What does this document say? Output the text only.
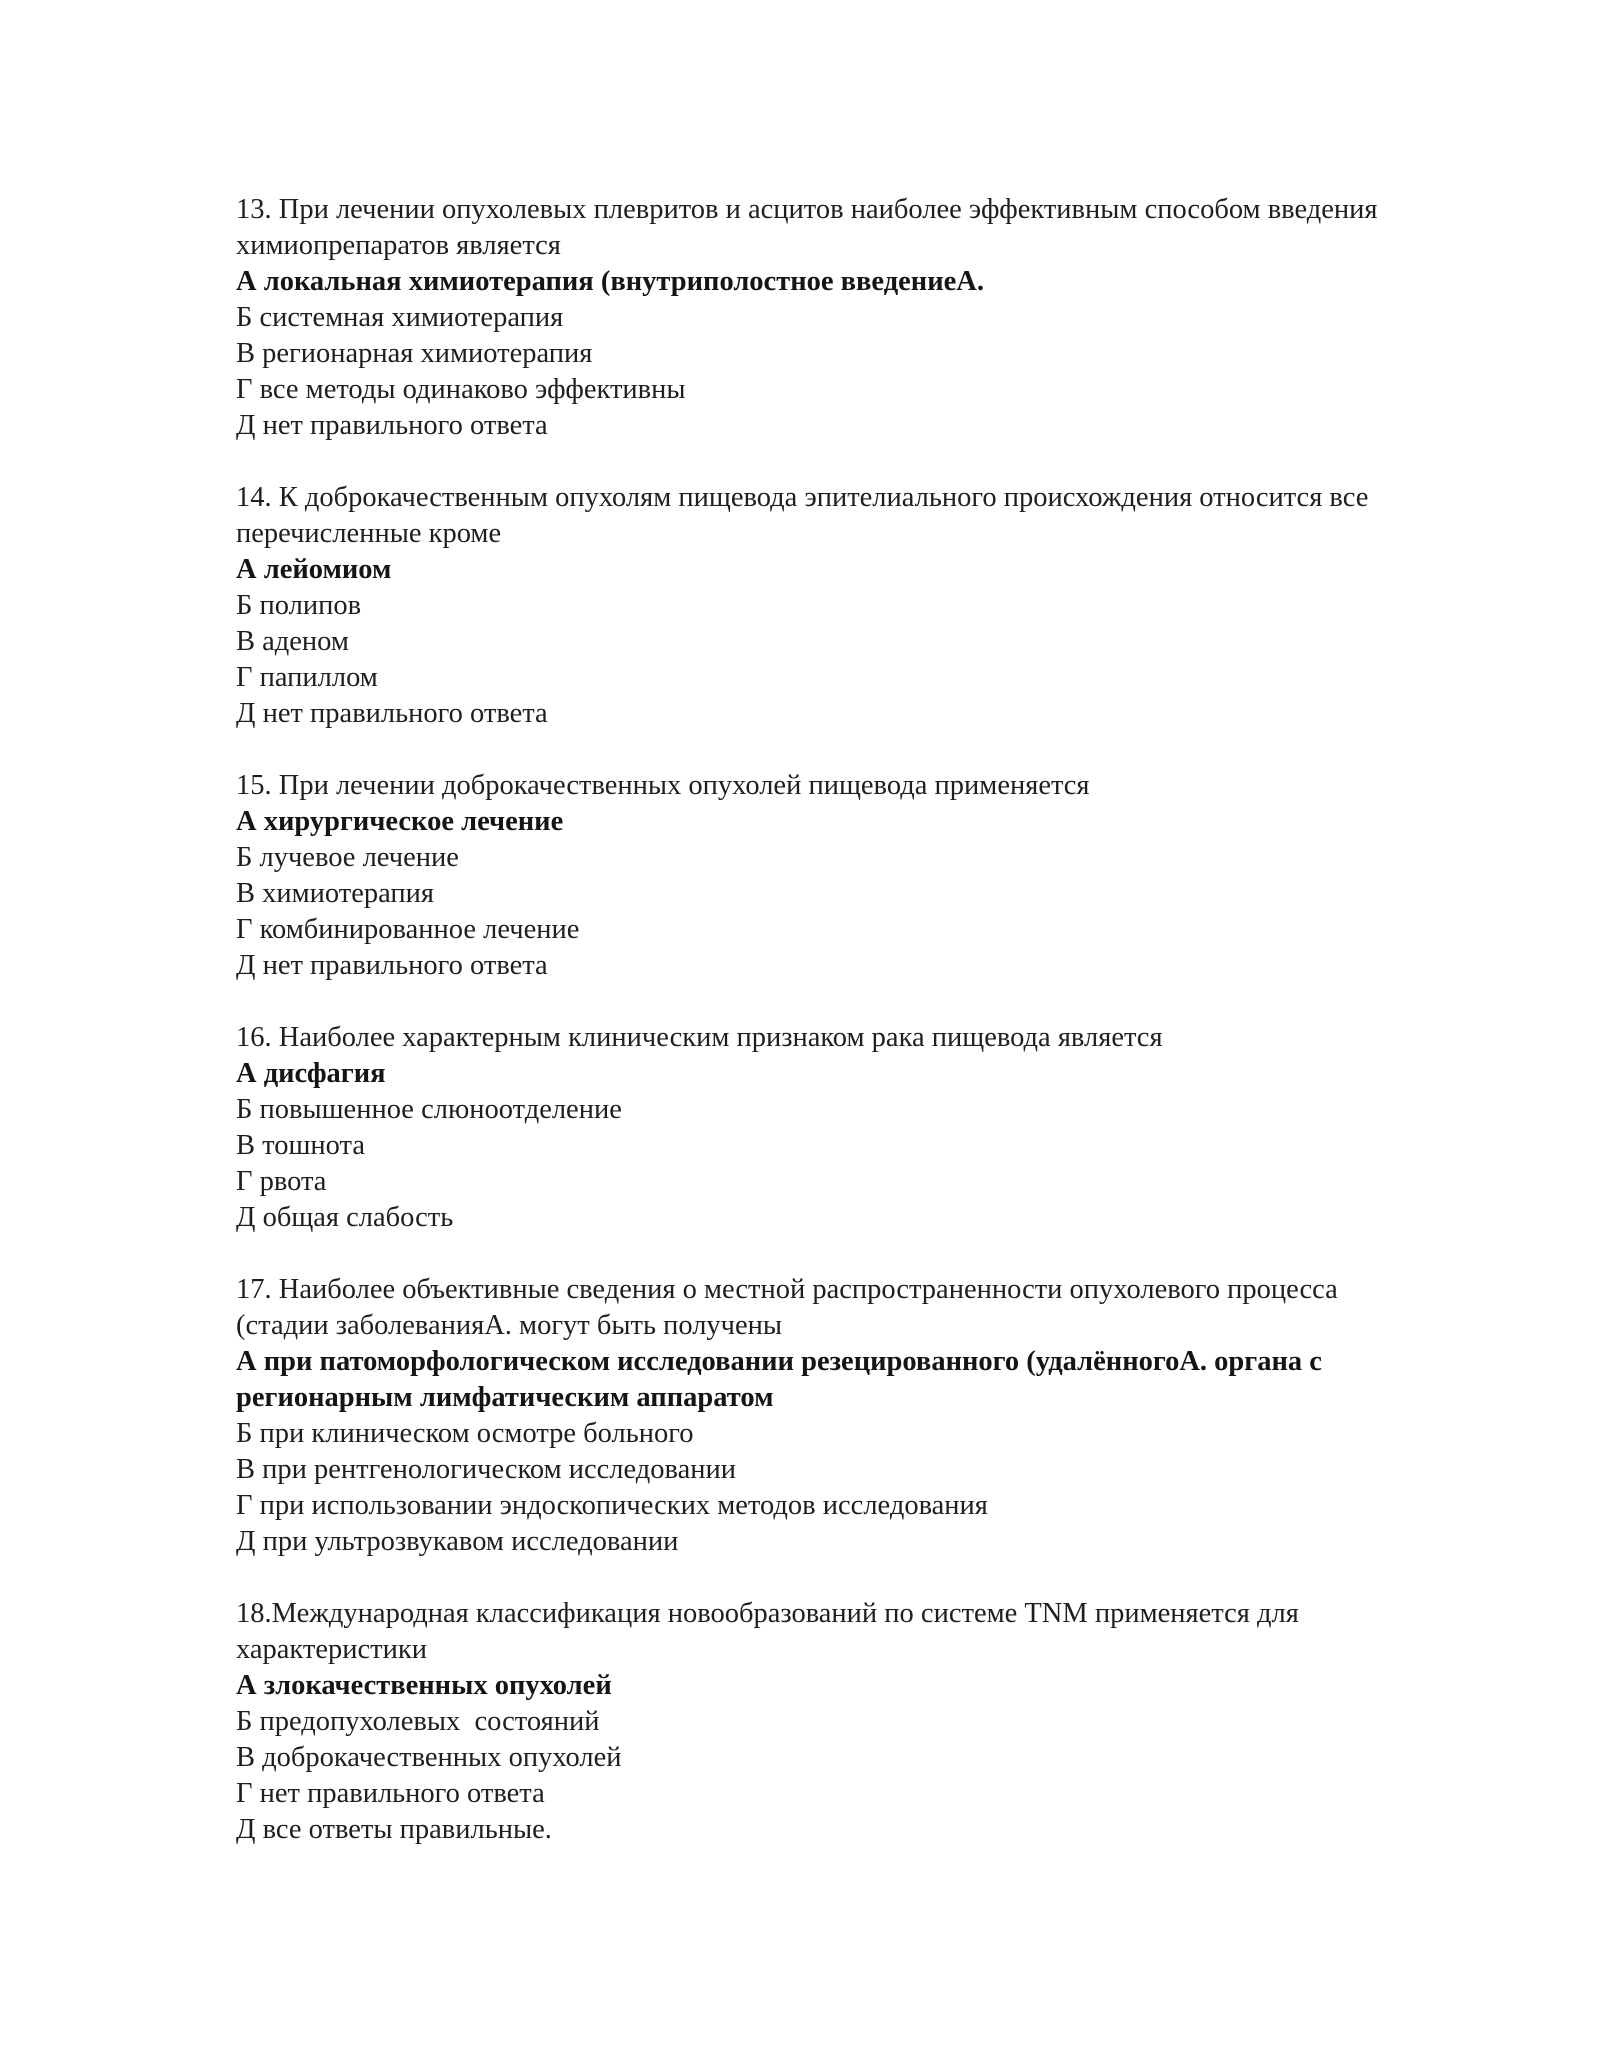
13. При лечении опухолевых плевритов и асцитов наиболее эффективным способом введения химиопрепаратов является
А локальная химиотерапия (внутриполостное введениеА.
Б системная химиотерапия
В регионарная химиотерапия
Г все методы одинаково эффективны
Д нет правильного ответа
14. К доброкачественным опухолям пищевода эпителиального происхождения относится все перечисленные кроме
А лейомиом
Б полипов
В аденом
Г папиллом
Д нет правильного ответа
15. При лечении доброкачественных опухолей пищевода применяется
А хирургическое лечение
Б лучевое лечение
В химиотерапия
Г комбинированное лечение
Д нет правильного ответа
16. Наиболее характерным клиническим признаком рака пищевода является
А дисфагия
Б повышенное слюноотделение
В тошнота
Г рвота
Д общая слабость
17. Наиболее объективные сведения о местной распространенности опухолевого процесса (стадии заболеванияА. могут быть получены
А при патоморфологическом исследовании резецированного (удалённогоА. органа с регионарным лимфатическим аппаратом
Б при клиническом осмотре больного
В при рентгенологическом исследовании
Г при использовании эндоскопических методов исследования
Д при ультрозвукавом исследовании
18.Международная классификация новообразований по системе TNM применяется для характеристики
А злокачественных опухолей
Б предопухолевых  состояний
В доброкачественных опухолей
Г нет правильного ответа
Д все ответы правильные.
